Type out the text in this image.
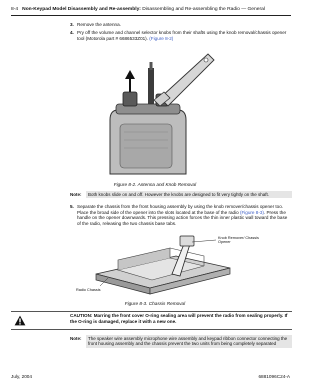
8-4 Non-Keypad Model Disassembly and Re-assembly: Disassembling and Re-assembling the Radio — General
3. Remove the antenna.
4. Pry off the volume and channel selector knobs from their shafts using the knob removal/chassis opener tool (Motorola part # 6686533Z01). (Figure 8-2)
Figure 8-2. Antenna and Knob Removal
Note:	Both knobs slide on and off. However the knobs are designed to fit very tightly on the shaft.
5. Separate the chassis from the front housing assembly by using the knob remover/chassis opener too. Place the broad side of the opener into the slots located at the base of the radio (Figure 8-3). Press the handle on the opener downwards. This pressing action forces the thin inner plastic wall toward the base of the radio, releasing the two chassis base tabs.
Knob Remover/ Chassis Opener
Radio Chassis
Figure 8-3. Chassis Removal
CAUTION: Marring the front cover O-ring sealing area will prevent the radio from sealing properly. If the O-ring is damaged, replace it with a new one.
Note:	The speaker wire assembly microphone wire assembly and keypad ribbon connector connecting the front housing assembly and the chassis prevent the two units from being completely separated
July, 2004	6881096C24-A
